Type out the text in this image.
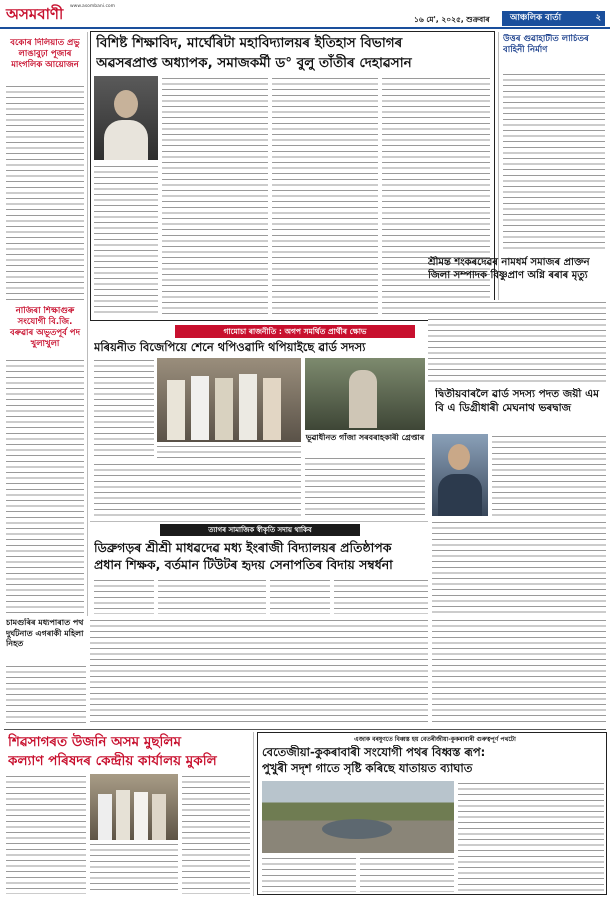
অসমবাণী www.asombani.com
১৬ মে', ২০২৫, শুক্ৰবাৰ	আঞ্চলিক বাৰ্তা	২
বকোৰ দিলিয়াত প্ৰভু লাঙাবুঢ়া পূজাৰ মাংগলিক আয়োজন
নাজিৰা শিক্ষাগুৰু সংযোগী বি.জি. বৰুৱাৰ অভূতপূৰ্ব পদ খুলাখুলা
বিশিষ্ট শিক্ষাবিদ, মাৰ্ঘেৰিটা মহাবিদ্যালয়ৰ ইতিহাস বিভাগৰ
অৱসৰপ্ৰাপ্ত অধ্যাপক, সমাজকৰ্মী ড° বুলু তাঁতীৰ দেহাৱসান
উত্তৰ গুৱাহাটীত লাচিতৰ বাহিনী নিৰ্মাণ
শ্ৰীমন্ত শংকৰদেৱৰ নামধৰ্ম সমাজৰ প্ৰাক্তন জিলা সম্পাদক বিষ্ণুপ্ৰাণ অগ্নি ৰৰাৰ মৃত্যু
দ্বিতীয়বাৰলৈ ৱাৰ্ড সদস্য পদত জয়ী এম বি এ ডিগ্ৰীধাৰী মেঘনাথ ভৰদ্বাজ
গামোচা ৰাজনীতি : অগপ সমৰ্থিত প্ৰাৰ্থীৰ ক্ষোভ
মৰিয়নীত বিজেপিয়ে শেনে থপিওৱাদি থপিয়াইছে ৱাৰ্ড সদস্য
ভূৱাধীনত গাঁজা সৰবৰাহকাৰী গ্ৰেপ্তাৰ
ত্যাগৰ সামাজিক স্বীকৃতি সদায় থাকিব
ডিব্ৰুগড়ৰ শ্ৰীশ্ৰী মাধৱদেৱ মধ্য ইংৰাজী বিদ্যালয়ৰ প্ৰতিষ্ঠাপক
প্ৰধান শিক্ষক, বৰ্তমান টিউটৰ হৃদয় সেনাপতিৰ বিদায় সম্বৰ্ধনা
চামগুৰিৰ মধ্যপাৰাত পথ দুৰ্ঘটনাত এগৰাকী মহিলা নিহত
শিৱসাগৰত উজনি অসম মুছলিম
কল্যাণ পৰিষদৰ কেন্দ্ৰীয় কাৰ্যালয় মুকলি
এজাক বৰষুণতে বিধ্বস্ত হয় বেতৰীজীয়া-কুকৰাবাৰী গুৰুত্বপূৰ্ণ পথটো
বেতেজীয়া-কুকৰাবাৰী সংযোগী পথৰ বিধ্বস্ত ৰূপ:
পুখুৰী সদৃশ গাতে সৃষ্টি কৰিছে যাতায়ত ব্যাঘাত
